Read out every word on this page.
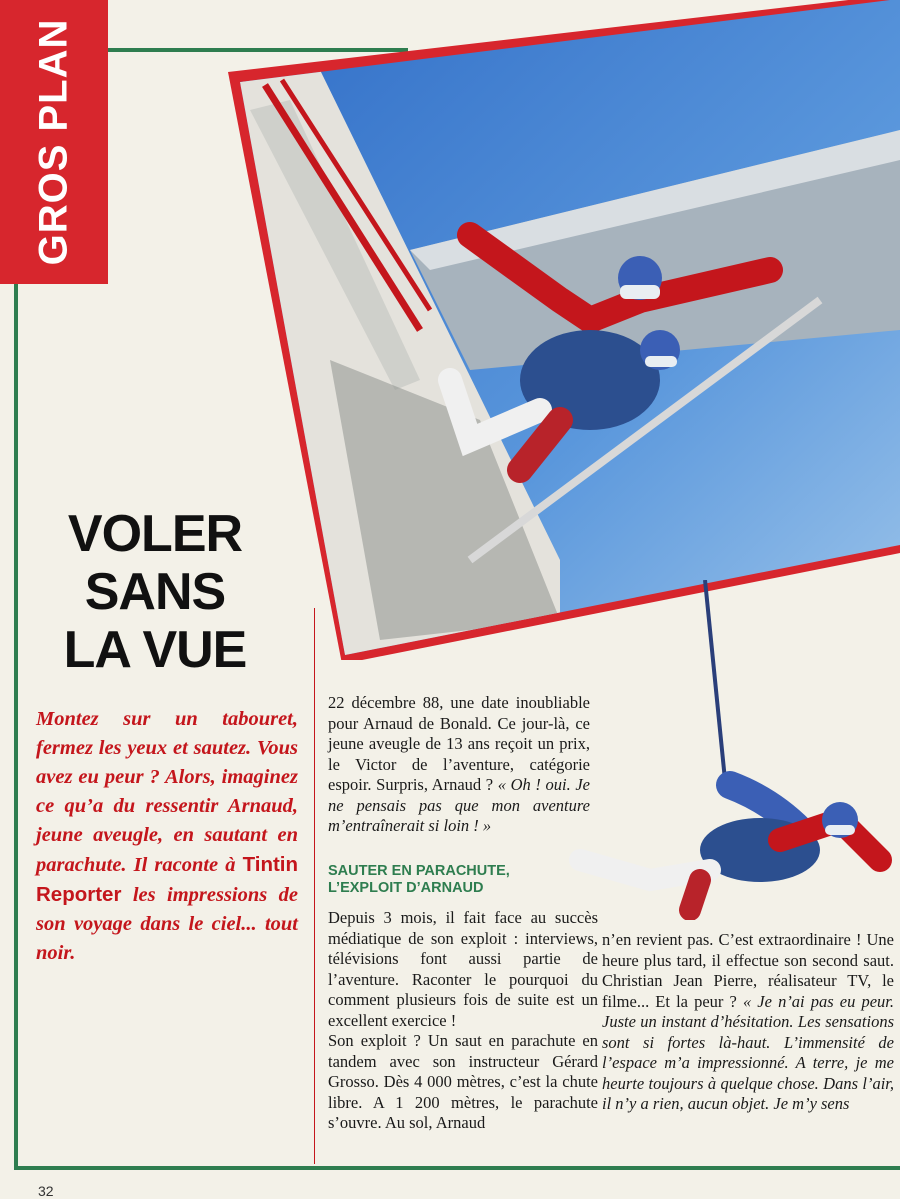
GROS PLAN
VOLER
SANS
LA VUE
Montez sur un tabouret, fermez les yeux et sautez. Vous avez eu peur ? Alors, imaginez ce qu’a du ressentir Arnaud, jeune aveugle, en sautant en parachute. Il raconte à Tintin Reporter les impressions de son voyage dans le ciel... tout noir.
22 décembre 88, une date inoubliable pour Arnaud de Bonald. Ce jour-là, ce jeune aveugle de 13 ans reçoit un prix, le Victor de l’aventure, catégorie espoir. Surpris, Arnaud ? « Oh ! oui. Je ne pensais pas que mon aventure m’entraînerait si loin ! »
SAUTER EN PARACHUTE, L’EXPLOIT D’ARNAUD
Depuis 3 mois, il fait face au succès médiatique de son exploit : interviews, télévisions font aussi partie de l’aventure. Raconter le pourquoi du comment plusieurs fois de suite est un excellent exercice !
Son exploit ? Un saut en parachute en tandem avec son instructeur Gérard Grosso. Dès 4 000 mètres, c’est la chute libre. A 1 200 mètres, le parachute s’ouvre. Au sol, Arnaud
n’en revient pas. C’est extraordinaire ! Une heure plus tard, il effectue son second saut. Christian Jean Pierre, réalisateur TV, le filme... Et la peur ? « Je n’ai pas eu peur. Juste un instant d’hésitation. Les sensations sont si fortes là-haut. L’immensité de l’espace m’a impressionné. A terre, je me heurte toujours à quelque chose. Dans l’air, il n’y a rien, aucun objet. Je m’y sens
32
